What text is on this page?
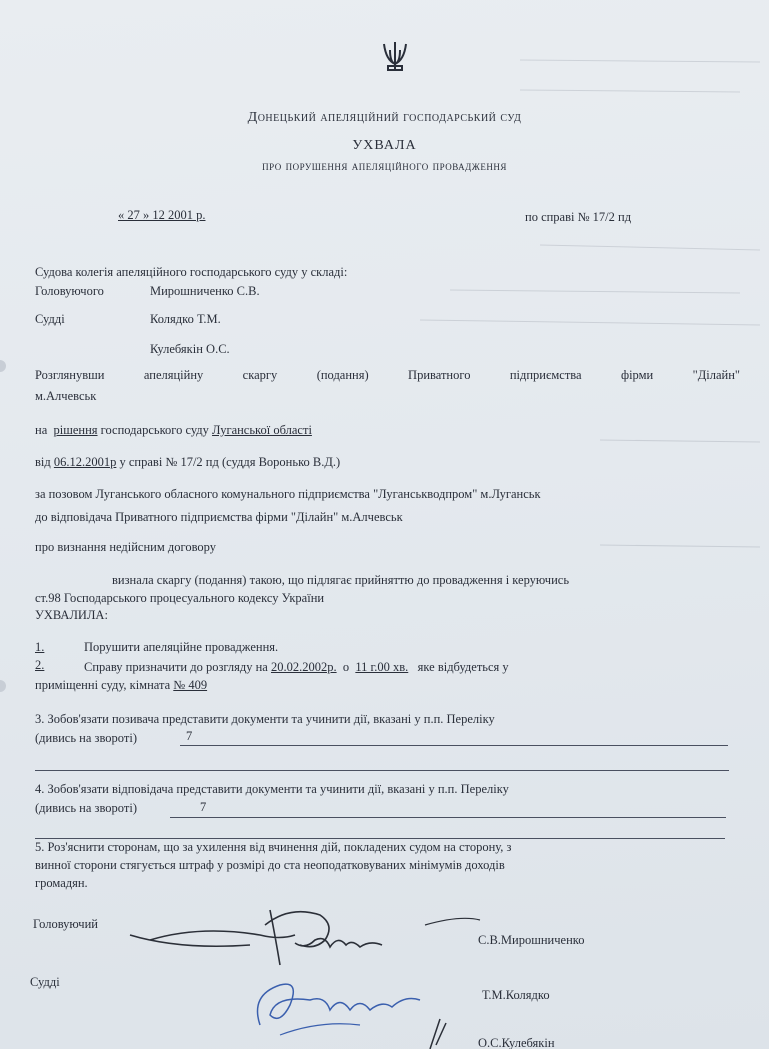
Донецький апеляційний господарський суд
УХВАЛА
про порушення апеляційного провадження
« 27 » 12 2001 р.	по справі № 17/2 пд
Судова колегія апеляційного господарського суду у складі:
Головуючого	Мирошниченко С.В.
Судді	Колядко Т.М.
Кулебякін О.С.
Розглянувши апеляційну скаргу (подання) Приватного підприємства фірми "Ділайн"
м.Алчевськ
на рішення господарського суду Луганської області
від 06.12.2001р у справі № 17/2 пд (суддя Воронько В.Д.)
за позовом Луганського обласного комунального підприємства "Луганськводпром" м.Луганськ
до відповідача Приватного підприємства фірми "Ділайн" м.Алчевськ
про визнання недійсним договору
визнала скаргу (подання) такою, що підлягає прийняттю до провадження і керуючись
ст.98 Господарського процесуального кодексу України
УХВАЛИЛА:
1.	Порушити апеляційне провадження.
2.	Справу призначити до розгляду на 20.02.2002р. о 11 г.00 хв. яке відбудеться у
приміщенні суду, кімната № 409
3. Зобов'язати позивача представити документи та учинити дії, вказані у п.п. Переліку
(дивись на звороті)	7
4. Зобов'язати відповідача представити документи та учинити дії, вказані у п.п. Переліку
(дивись на звороті)	7
5. Роз'яснити сторонам, що за ухилення від вчинення дій, покладених судом на сторону, з
винної сторони стягується штраф у розмірі до ста неоподатковуваних мінімумів доходів
громадян.
Головуючий
С.В.Мирошниченко
Судді
Т.М.Колядко
О.С.Кулебякін
